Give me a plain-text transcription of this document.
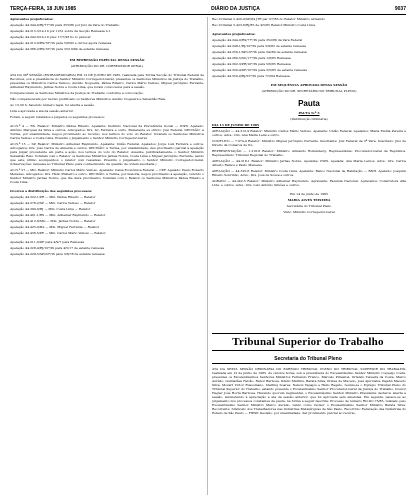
TERÇA-FEIRA, 18 JUN 1985	DIÁRIO DA JUSTIÇA	9037
Agravantes prejudicados:
Apelação 44.344-0/RJ/77*/IX para 355/86 por Juiz da Vara do Trabalho
Apelação 44.215-3/14-10 por 1251 sobre da Secção Remessa n.1
Apelação 44.242-0/14-10 prev 17/7/28 ho lo parecer
Apelação 44.313-0/RS/70*/IS para 5/8/93 e outros agora remessa
Apelação 44.386-2/RS/10*/IS para 25/19/84 de estante remessa
EM REPRESSÃO ESPECIAL DESSA SESSÃO
(ATRIBUIÇÃO DO DR. CORREGEDOR GERAL)
ATA DA 39ª SESSÃO (EXTRAORDINÁRIA) EM 12 DE JUNHO DE 1985, realizada pela Turma Secção do Tribunal Federal de Recursos, sob a presidência do Senhor Ministro Corregedor-Geral, presentes os Senhores Ministros da Justiça do Trabalho, presentes os Ministros Carlos Velloso, Aurélio Nogueira, Pádua Ribeiro, Carlos Mário Velloso, Miguel Jerônymo Ferrante, Adhemar Raymundo, Jarbas Nobre e Costa Lima, que foram convocados para a sessão.
Compareceram os Senhores Ministros da Justiça do Trabalho conforme a convocação.
Não compareceram por motivo justificado os Senhores Ministros Aurélio Nogueira e Sebastião Reis.
Ao 13,30 h, havendo número legal, foi aberta a sessão.
Lida e aprovada a ata da sessão anterior.
Foram, a seguir, relatados e julgados os seguintes processos:
AC.N.º 4 — RS. Relator: Ministro Pádua Ribeiro. Apelante: Instituto Nacional da Previdência Social — INPS. Apelado: Antônio Marques da Silva e outros. Advogados: Drs. Ivo Ferreira e outro. Remetente ex officio: Juiz Federal. DECISÃO: A Turma, por unanimidade, negou provimento ao recurso, nos termos do voto do Relator. Votaram os Senhores Ministros Carlos Velloso e Costa Lima. Presidiu o julgamento o Senhor Ministro Corregedor-Geral.
AC.N.º 15 — SP. Relator: Ministro Adhemar Raymundo. Apelante: União Federal. Apelados: Jorge Luiz Ferreira e outros. Advogados: Drs. José Carlos de Almeida e outros. DECISÃO: A Turma, por unanimidade, deu provimento parcial à apelação para julgar procedente em parte a ação, nos termos do voto do Relator. Ausente, justificadamente, o Senhor Ministro Sebastião Reis. Votaram com o Relator os Senhores Ministros Jarbas Nobre, Costa Lima e Miguel Jerônymo Ferrante, sendo que este último acompanhou o relator com ressalvas. Presidiu o julgamento o Senhor Ministro Corregedor-Geral. (Observações: remessa ao Tribunal Pleno para conhecimento da questão de ordem suscitada.)
AC.N.º 27 — MG. Relator: Ministro Carlos Mário Velloso. Apelante: Caixa Econômica Federal — CEF. Apelado: Paulo Roberto Menezes. Advogados: Drs. Hélio Pinheiro e outro. DECISÃO: A Turma, por maioria, negou provimento à apelação, vencido o Senhor Ministro Jarbas Nobre, que lhe dava provimento. Votaram com o Relator os Senhores Ministros Pádua Ribeiro e Costa Lima.
Ocorreu a distribuição dos seguintes processos:
Apelação 44.322-1/PR — Min. Pádua Ribeiro — Relator
Apelação 44.378-2/SP — Min. Carlos Velloso — Relator
Apelação 44.390-0/RJ — Min. Costa Lima — Relator
Apelação 44.401-1/RS — Min. Adhemar Raymundo — Relator
Apelação 44.412-9/MG — Min. Jarbas Nobre — Relator
Apelação 44.425-0/BA — Min. Miguel Ferrante — Relator
Apelação 44.436-5/PE — Min. Carlos Mário Velloso — Relator
Apelação 44.211-0/DF para 4/9/7 para Remessa
Apelação 44.228-4/RJ/10*/IX para 4/5/17 de estante remessa
Apelação 44.229-5/SP/22*/IS para 3/8/78 de estante remessa
Rec.Criminal 5.420-0/SP/84 JTR par 3/7/85 do Relator Ministro Armando
Rec.Criminal 5.423-6/RJ/85 de 4/5/85 Relator Ministro Costa Lima
Agravantes prejudicados:
Apelação 44.244-0/RS/77*/IX para 352/86 da Vara Federal
Apelação 44.248-1/RJ/10*/IS para 2/9/82 de estante remessa
Apelação 44.256-1/SP/10*/IX para 3/4/80 de estante remessa
Apelação 44.280-5/SC/17*/IX para 1/6/85 Remessa
Apelação 44.302-3/PR/10*/IX para 5/6/85 Remessa
Apelação 44.320-4/DF/10*/IS para 2/5/85 de estante remessa
Apelação 44.350-0/RJ/55*/IS para 7/5/84 Remessa
EM SEQUÊNCIA APROVADA DESSA SESSÃO
(ATRIBUIÇÃO DO DR. SECRETÁRIO DO TRIBUNAL PLENO)
Pauta
PAUTA N.º 3
(Distribuição Ordinária)
DIA 13 DE JUNHO DE 1985
APELAÇÃO — 44.312-9 Relator: Ministro Carlos Mário Velloso. Apelante: União Federal. Apelados: Maria Emília Pereira e outros. Advs.: Drs. Ana Maria Leite e outro.
CONFLITO — 7.074-4 Relator: Ministro Miguel Jerônymo Ferrante. Suscitante: Juiz Federal da 3ª Vara. Suscitado: Juiz de Direito da Comarca de Itu.
REPRESENTAÇÃO — 1.216-8 Relator: Ministro Armando Rollemberg. Representante: Procurador-Geral da República. Representado: Tribunal Regional do Trabalho.
APELAÇÃO — 44.318-1 Relator: Ministro Jarbas Nobre. Apelante: INPS. Apelada: Ana Maria Lemos. Advs.: Drs. Carlos Alberto Ramos e Paulo Menezes.
APELAÇÃO — 44.325-6 Relator: Ministro Costa Lima. Apelante: Banco Nacional de Habitação — BNH. Apelado: Joaquim Ribeiro Sobrinho. Advs.: Drs. José de Souza e outros.
AGRAVO — 44.342-5 Relator: Ministro Adhemar Raymundo. Agravante: Fazenda Nacional. Agravados: Construtora Alfa Ltda. e outros. Advs.: Drs. Luiz Antônio Simões e outros.
Em 14 de junho de 1985
MARIA ALVES TEIXEIRA
Secretária do Tribunal Pleno
Visto: Ministro Corregedor-Geral
Tribunal Superior do Trabalho
Secretaria do Tribunal Pleno
ATA DA SEXTA SESSÃO ORDINÁRIA DO EGRÉGIO TRIBUNAL PLENO DO TRIBUNAL SUPERIOR DO TRABALHO, realizada em 12 de junho de 1985. Às catorze horas, sob a presidência do Excelentíssimo Senhor Ministro Coqueijo Costa, presentes os Excelentíssimos Senhores Ministros Fernando Franco, Marcelo Pimentel, Orlando Teixeira da Costa, Marco Aurélio, Guimarães Falcão, Ranor Barbosa, Ildélio Martins, Barata Silva, Prates de Macedo, José Ajuricaba, Pajehú Macedo Silva, Mozart Victor Russomano, Starling Soares, Nelson Tapajós e Hélio Regato, reuniu-se o Egrégio Tribunal Pleno do Tribunal Superior do Trabalho, estando presente o Excelentíssimo Senhor Procurador-Geral da Justiça do Trabalho, Doutor Hegler José Horta Barbosa. Havendo quorum regimental, o Excelentíssimo Senhor Ministro Presidente declarou aberta a sessão, submetendo à apreciação a ata da sessão anterior, que foi aprovada sem emendas. Em seguida, passou-se ao julgamento dos processos constantes da pauta, na forma a seguir descrita: Processo de número RO-DC-75/85, relatado pelo Excelentíssimo Senhor Ministro Marco Aurélio, tendo como revisor o Excelentíssimo Senhor Ministro Barata Silva. Recorrente: Sindicato dos Trabalhadores nas Indústrias Metalúrgicas de São Paulo. Recorrido: Federação das Indústrias do Estado de São Paulo — FIESP. Decisão: por unanimidade, dar provimento parcial ao recurso.
